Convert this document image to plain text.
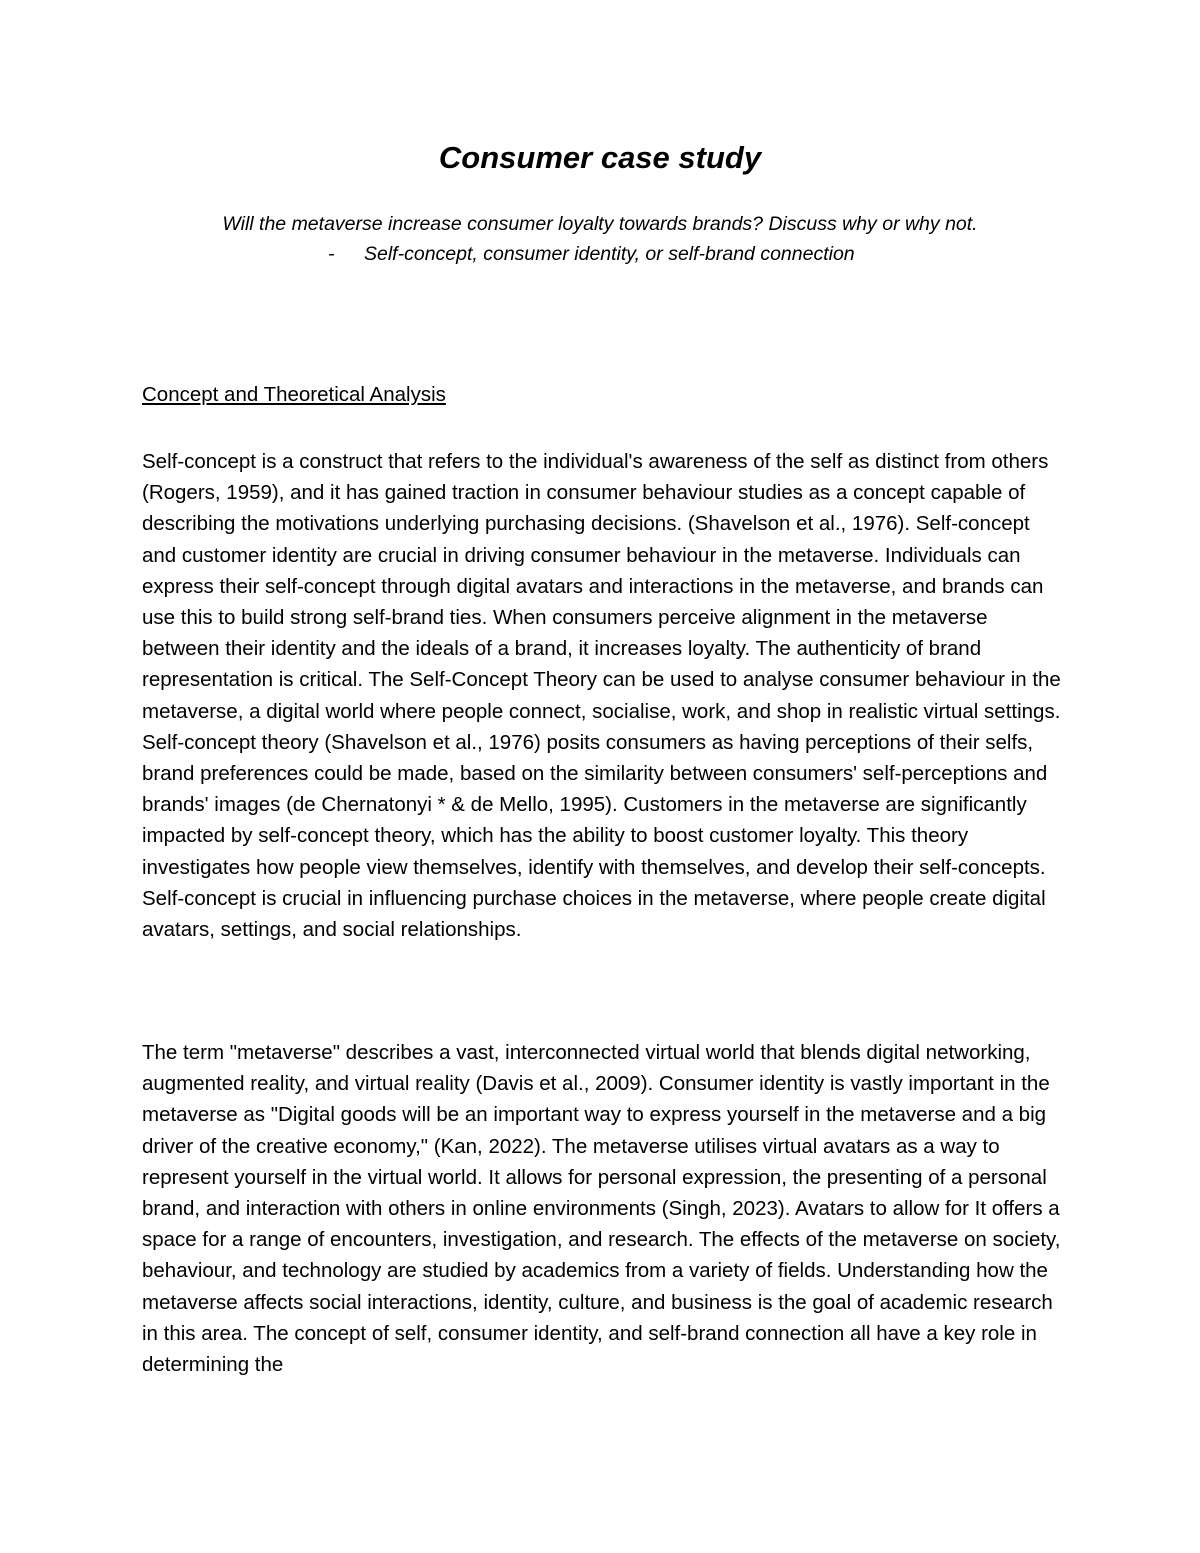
Consumer case study

Will the metaverse increase consumer loyalty towards brands? Discuss why or why not.

- Self-concept, consumer identity, or self-brand connection

Concept and Theoretical Analysis

Self-concept is a construct that refers to the individual's awareness of the self as distinct from others (Rogers, 1959), and it has gained traction in consumer behaviour studies as a concept capable of describing the motivations underlying purchasing decisions. (Shavelson et al., 1976). Self-concept and customer identity are crucial in driving consumer behaviour in the metaverse. Individuals can express their self-concept through digital avatars and interactions in the metaverse, and brands can use this to build strong self-brand ties. When consumers perceive alignment in the metaverse between their identity and the ideals of a brand, it increases loyalty. The authenticity of brand representation is critical. The Self-Concept Theory can be used to analyse consumer behaviour in the metaverse, a digital world where people connect, socialise, work, and shop in realistic virtual settings. Self-concept theory (Shavelson et al., 1976) posits consumers as having perceptions of their selfs, brand preferences could be made, based on the similarity between consumers' self-perceptions and brands' images (de Chernatonyi * & de Mello, 1995). Customers in the metaverse are significantly impacted by self-concept theory, which has the ability to boost customer loyalty. This theory investigates how people view themselves, identify with themselves, and develop their self-concepts. Self-concept is crucial in influencing purchase choices in the metaverse, where people create digital avatars, settings, and social relationships.

The term "metaverse" describes a vast, interconnected virtual world that blends digital networking, augmented reality, and virtual reality (Davis et al., 2009). Consumer identity is vastly important in the metaverse as "Digital goods will be an important way to express yourself in the metaverse and a big driver of the creative economy," (Kan, 2022). The metaverse utilises virtual avatars as a way to represent yourself in the virtual world. It allows for personal expression, the presenting of a personal brand, and interaction with others in online environments (Singh, 2023). Avatars to allow for It offers a space for a range of encounters, investigation, and research. The effects of the metaverse on society, behaviour, and technology are studied by academics from a variety of fields. Understanding how the metaverse affects social interactions, identity, culture, and business is the goal of academic research in this area. The concept of self, consumer identity, and self-brand connection all have a key role in determining the
